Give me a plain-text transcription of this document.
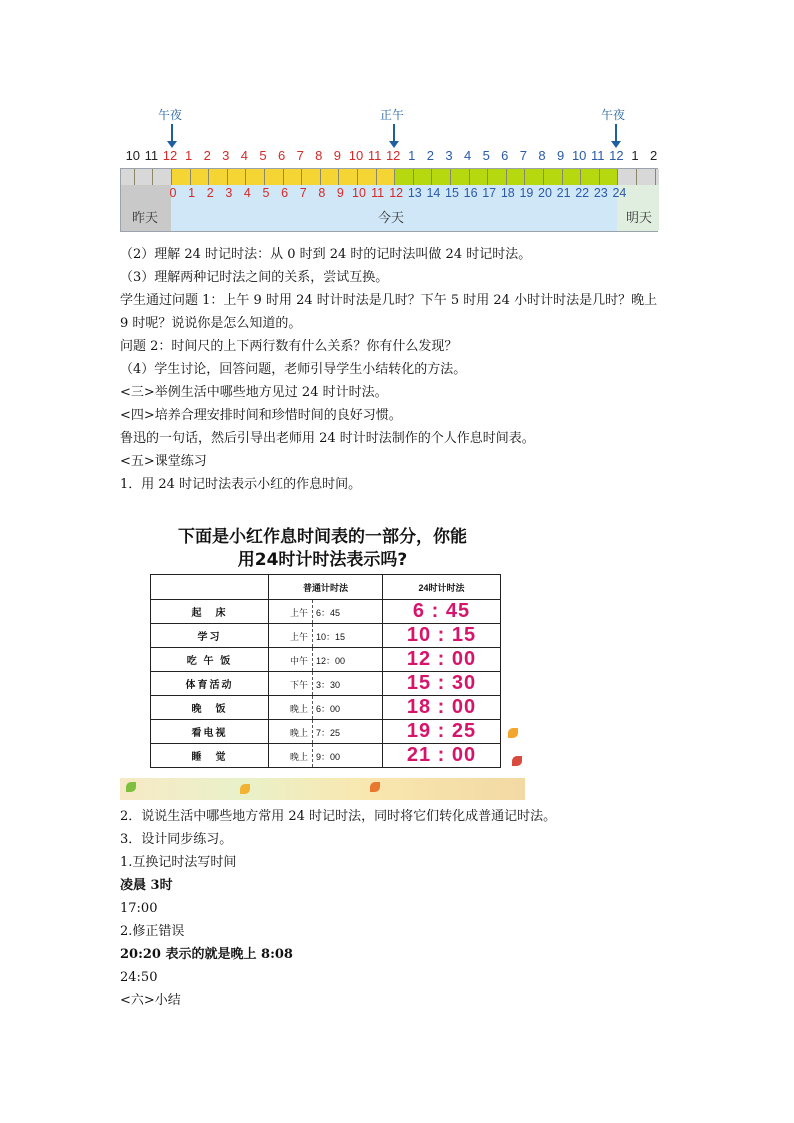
午夜	正午	午夜
10 11 12 1 2 3 4 5 6 7 8 9 10 11 12 1 2 3 4 5 6 7 8 9 10 11 12 1 2
0 1 2 3 4 5 6 7 8 9 10 11 12 13 14 15 16 17 18 19 20 21 22 23 24
昨天	今天	明天
（2）理解 24 时记时法：从 0 时到 24 时的记时法叫做 24 时记时法。
（3）理解两种记时法之间的关系，尝试互换。
学生通过问题 1：上午 9 时用 24 时计时法是几时？下午 5 时用 24 小时计时法是几时？晚上
9 时呢？说说你是怎么知道的。
问题 2：时间尺的上下两行数有什么关系？你有什么发现？
（4）学生讨论，回答问题，老师引导学生小结转化的方法。
<三>举例生活中哪些地方见过 24 时计时法。
<四>培养合理安排时间和珍惜时间的良好习惯。
鲁迅的一句话，然后引导出老师用 24 时计时法制作的个人作息时间表。
<五>课堂练习
1．用 24 时记时法表示小红的作息时间。
下面是小红作息时间表的一部分，你能
用24时计时法表示吗?
	普通计时法	24时计时法
起　床	上午 6：45	6 : 45
学习	上午 10：15	10 : 15
吃 午 饭	中午 12：00	12 : 00
体育活动	下午 3：30	15 : 30
晚　饭	晚上 6：00	18 : 00
看电视	晚上 7：25	19 : 25
睡　觉	晚上 9：00	21 : 00
2．说说生活中哪些地方常用 24 时记时法，同时将它们转化成普通记时法。
3．设计同步练习。
1.互换记时法写时间
凌晨 3时
17:00
2.修正错误
20:20 表示的就是晚上 8:08
24:50
<六>小结
